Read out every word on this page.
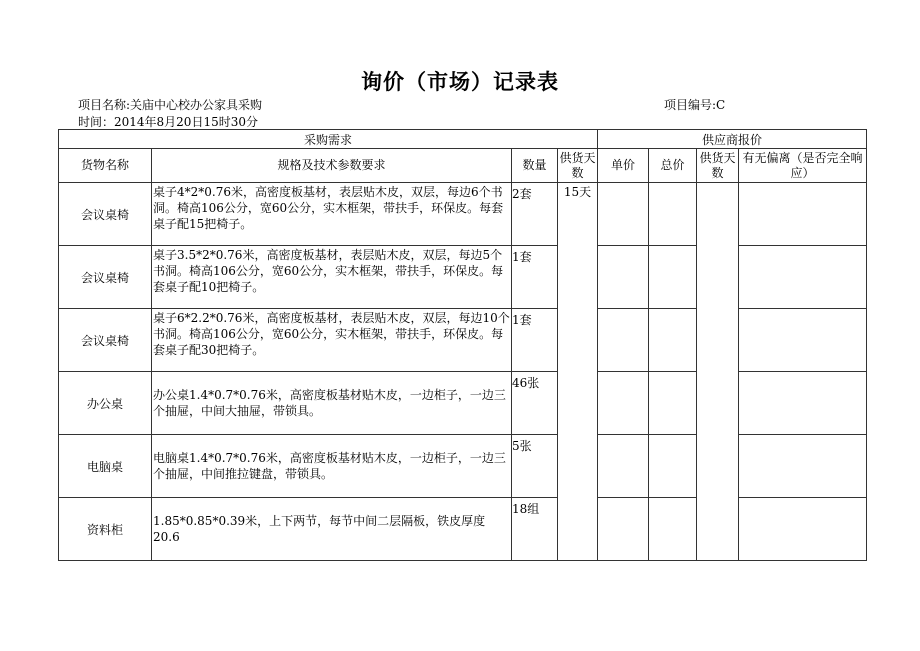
询价（市场）记录表
项目名称:关庙中心校办公家具采购	项目编号:C
时间：2014年8月20日15时30分
采购需求				供应商报价			
货物名称	规格及技术参数要求	数量	供货天数	单价	总价	供货天数	有无偏离（是否完全响应）
会议桌椅	桌子4*2*0.76米，高密度板基材，表层贴木皮，双层，每边6个书洞。椅高106公分，宽60公分，实木框架，带扶手，环保皮。每套桌子配15把椅子。	2套	15天				
会议桌椅	桌子3.5*2*0.76米，高密度板基材，表层贴木皮，双层，每边5个书洞。椅高106公分，宽60公分，实木框架，带扶手，环保皮。每套桌子配10把椅子。	1套					
会议桌椅	桌子6*2.2*0.76米，高密度板基材，表层贴木皮，双层，每边10个书洞。椅高106公分，宽60公分，实木框架，带扶手，环保皮。每套桌子配30把椅子。	1套					
办公桌	办公桌1.4*0.7*0.76米，高密度板基材贴木皮，一边柜子，一边三个抽屉，中间大抽屉，带锁具。	46张					
电脑桌	电脑桌1.4*0.7*0.76米，高密度板基材贴木皮，一边柜子，一边三个抽屉，中间推拉键盘，带锁具。	5张					
资料柜	1.85*0.85*0.39米，上下两节，每节中间二层隔板，铁皮厚度20.6	18组					
